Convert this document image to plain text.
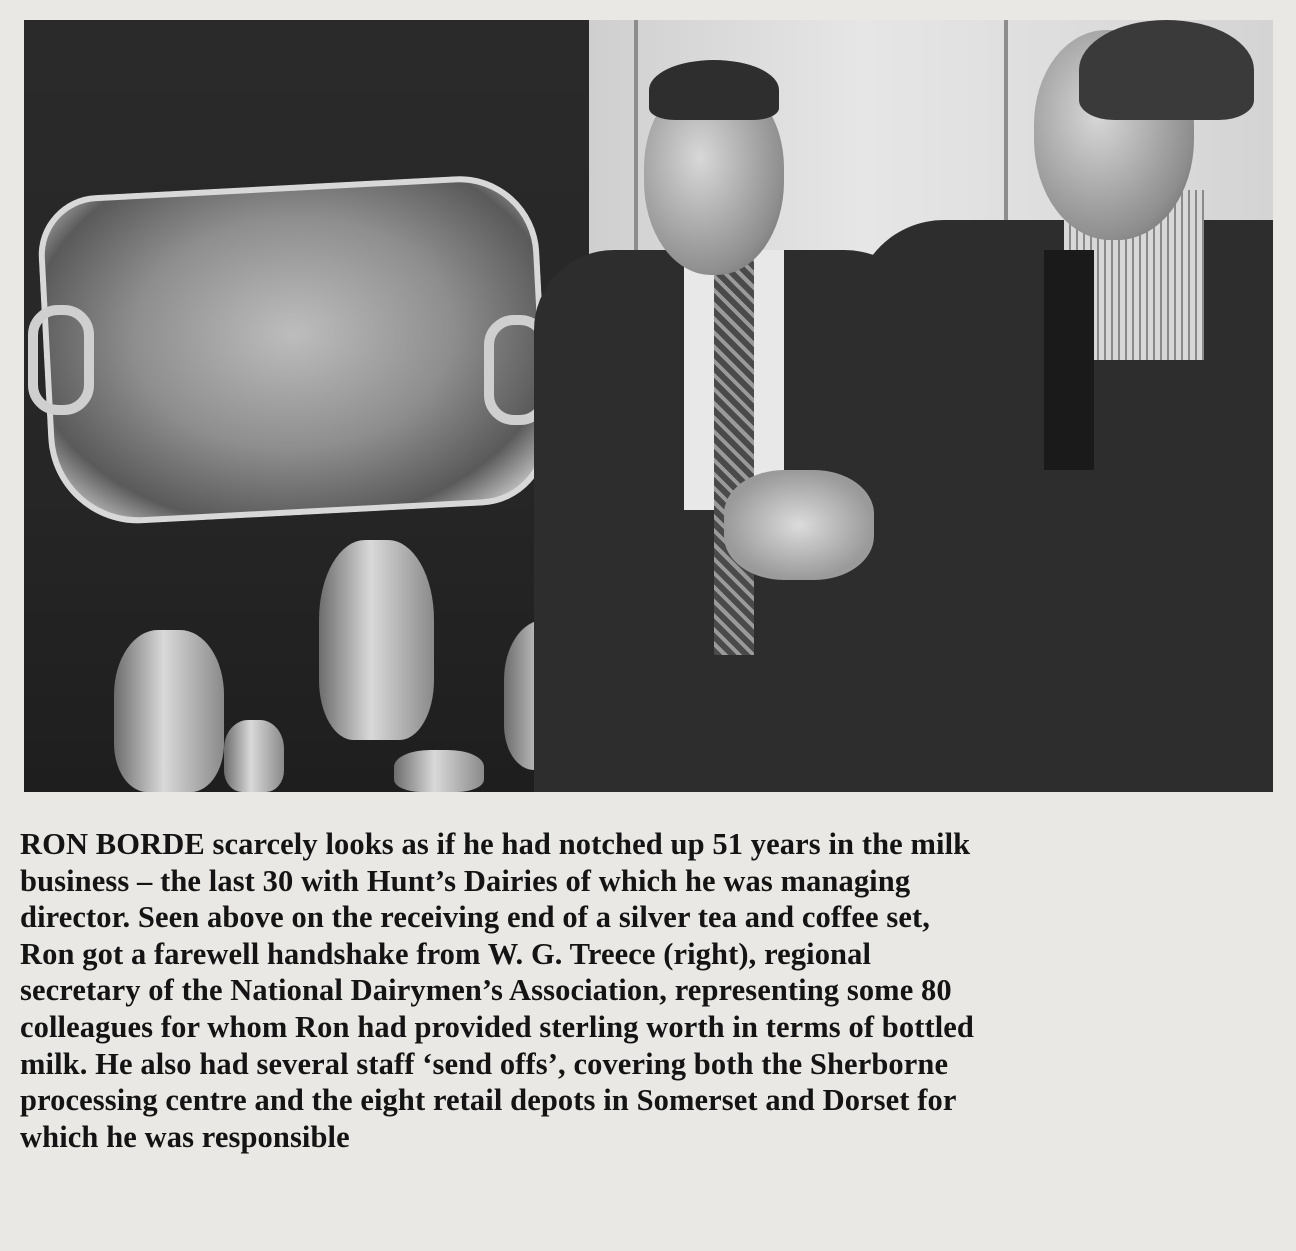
RON BORDE scarcely looks as if he had notched up 51 years in the milk
business – the last 30 with Hunt’s Dairies of which he was managing
director. Seen above on the receiving end of a silver tea and coffee set,
Ron got a farewell handshake from W. G. Treece (right), regional
secretary of the National Dairymen’s Association, representing some 80
colleagues for whom Ron had provided sterling worth in terms of bottled
milk. He also had several staff ‘send offs’, covering both the Sherborne
processing centre and the eight retail depots in Somerset and Dorset for
which he was responsible
